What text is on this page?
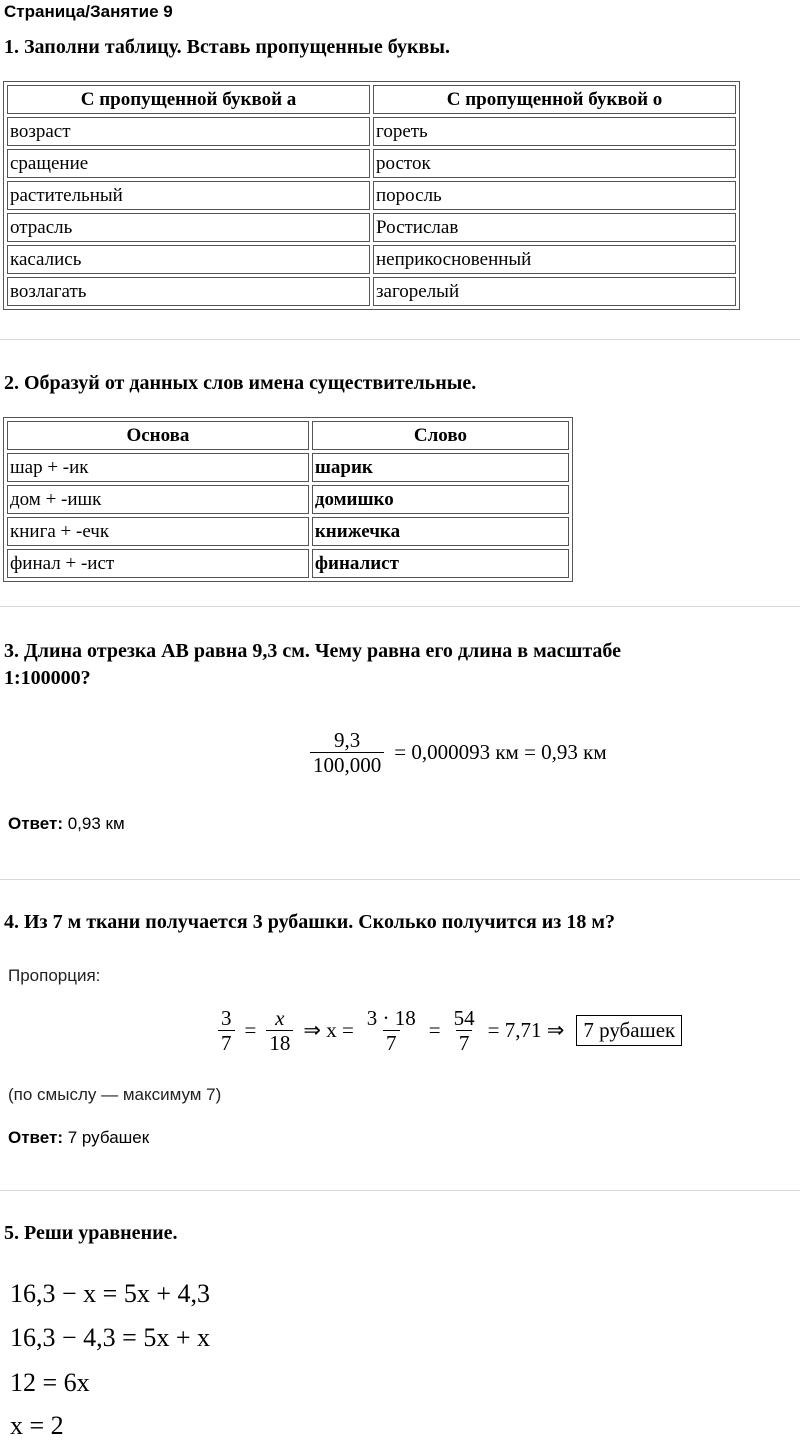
Страница/Занятие 9
1. Заполни таблицу. Вставь пропущенные буквы.
С пропущенной буквой а	С пропущенной буквой о
возраст	гореть
сращение	росток
растительный	поросль
отрасль	Ростислав
касались	неприкосновенный
возлагать	загорелый
2. Образуй от данных слов имена существительные.
Основа	Слово
шар + -ик	шарик
дом + -ишк	домишко
книга + -ечк	книжечка
финал + -ист	финалист
3. Длина отрезка АВ равна 9,3 см. Чему равна его длина в масштабе
1:100000?
$\frac{9,3}{100,000} = 0,000093$ км = 0,93 км
Ответ: 0,93 км
4. Из 7 м ткани получается 3 рубашки. Сколько получится из 18 м?
Пропорция:
$\frac{3}{7} = \frac{x}{18}$ ⇒ $x = \frac{3 \cdot 18}{7} = \frac{54}{7} = 7,71$ ⇒ 7 рубашек
(по смыслу — максимум 7)
Ответ: 7 рубашек
5. Реши уравнение.
16,3 − x = 5x + 4,3
16,3 − 4,3 = 5x + x
12 = 6x
x = 2
